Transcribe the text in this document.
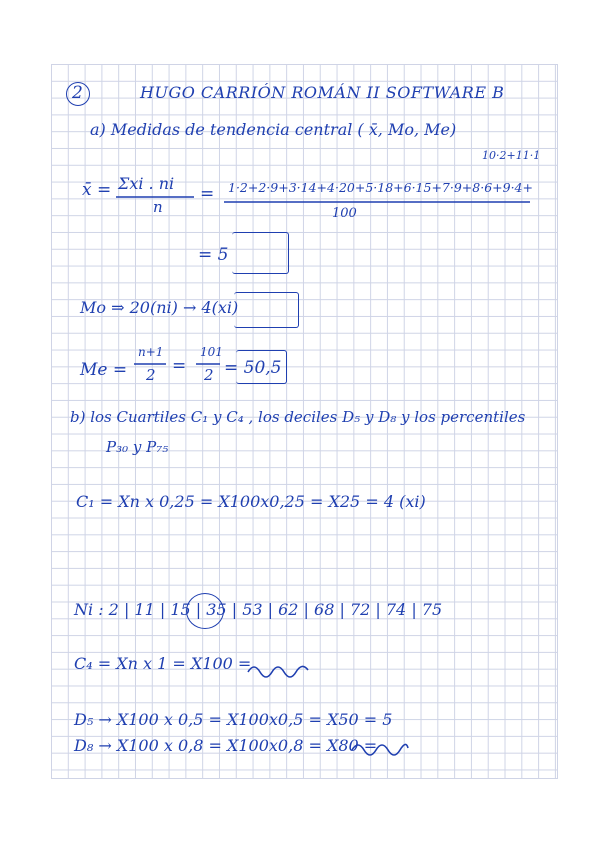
2	HUGO CARRIÓN ROMÁN II SOFTWARE B
a) Medidas de tendencia central ( x̄, Mo, Me)
10·2+11·1
x̄ = Σxi . ni
n
= 1·2+2·9+3·14+4·20+5·18+6·15+7·9+8·6+9·4+
100
= 5
Mo ⇒ 20(ni) → 4(xi)
Me =
n+1
2 =
101
2 = 50,5
b) los Cuartiles C₁ y C₄ , los deciles D₅ y D₈ y los percentiles
P₃₀ y P₇₅
C₁ = Xn x 0,25 = X100x0,25 = X25 = 4 (xi)
Ni : 2 | 11 | 15 | 35 | 53 | 62 | 68 | 72 | 74 | 75
C₄ = Xn x 1 = X100 =
D₅ → X100 x 0,5 = X100x0,5 = X50 = 5
D₈ → X100 x 0,8 = X100x0,8 = X80 =
